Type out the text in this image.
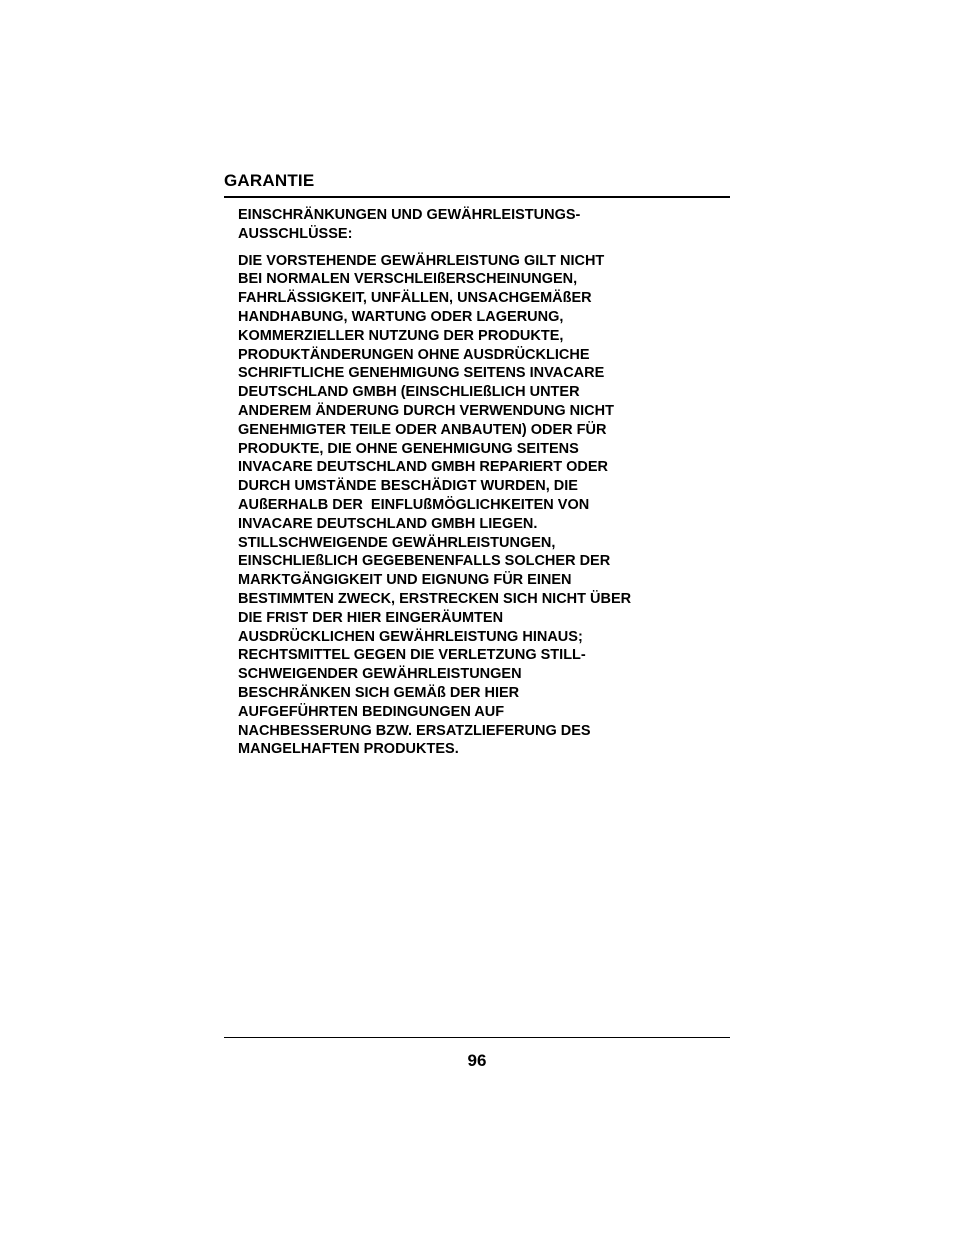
GARANTIE
EINSCHRÄNKUNGEN UND GEWÄHRLEISTUNGS-
AUSSCHLÜSSE:
DIE VORSTEHENDE GEWÄHRLEISTUNG GILT NICHT
BEI NORMALEN VERSCHLEIßERSCHEINUNGEN,
FAHRLÄSSIGKEIT, UNFÄLLEN, UNSACHGEMÄßER
HANDHABUNG, WARTUNG ODER LAGERUNG,
KOMMERZIELLER NUTZUNG DER PRODUKTE,
PRODUKTÄNDERUNGEN OHNE AUSDRÜCKLICHE
SCHRIFTLICHE GENEHMIGUNG SEITENS INVACARE
DEUTSCHLAND GMBH (EINSCHLIEßLICH UNTER
ANDEREM ÄNDERUNG DURCH VERWENDUNG NICHT
GENEHMIGTER TEILE ODER ANBAUTEN) ODER FÜR
PRODUKTE, DIE OHNE GENEHMIGUNG SEITENS
INVACARE DEUTSCHLAND GMBH REPARIERT ODER
DURCH UMSTÄNDE BESCHÄDIGT WURDEN, DIE
AUßERHALB DER  EINFLUßMÖGLICHKEITEN VON
INVACARE DEUTSCHLAND GMBH LIEGEN.
STILLSCHWEIGENDE GEWÄHRLEISTUNGEN,
EINSCHLIEßLICH GEGEBENENFALLS SOLCHER DER
MARKTGÄNGIGKEIT UND EIGNUNG FÜR EINEN
BESTIMMTEN ZWECK, ERSTRECKEN SICH NICHT ÜBER
DIE FRIST DER HIER EINGERÄUMTEN
AUSDRÜCKLICHEN GEWÄHRLEISTUNG HINAUS;
RECHTSMITTEL GEGEN DIE VERLETZUNG STILL-
SCHWEIGENDER GEWÄHRLEISTUNGEN
BESCHRÄNKEN SICH GEMÄß DER HIER
AUFGEFÜHRTEN BEDINGUNGEN AUF
NACHBESSERUNG BZW. ERSATZLIEFERUNG DES
MANGELHAFTEN PRODUKTES.
96
